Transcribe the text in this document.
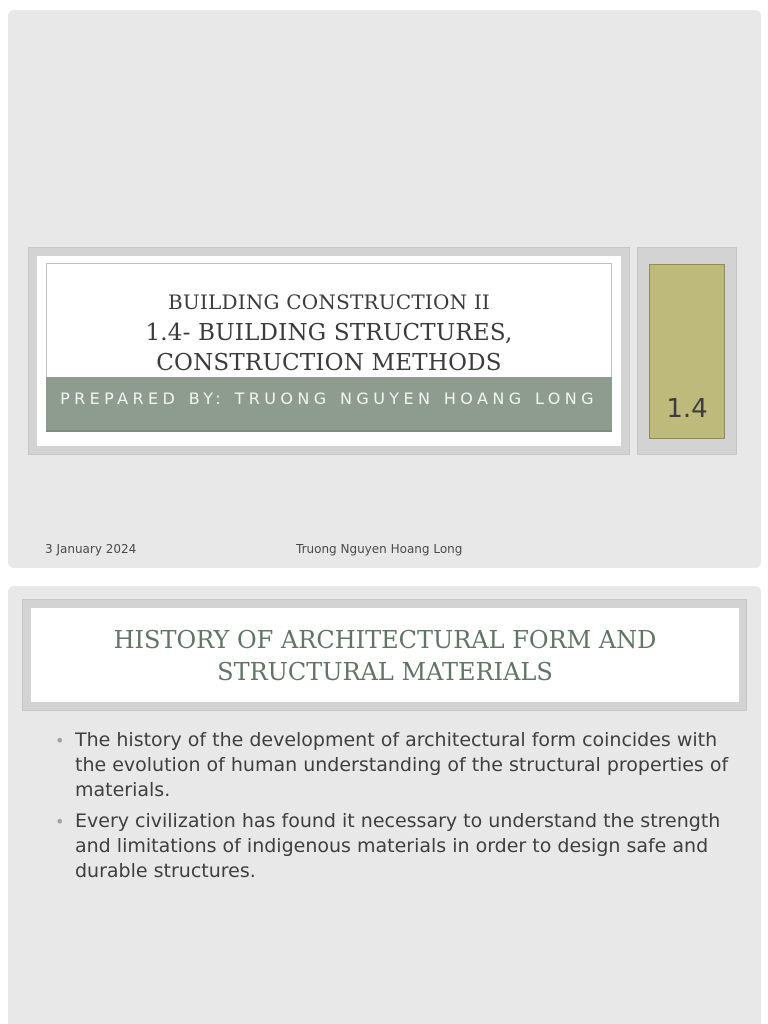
BUILDING CONSTRUCTION II
1.4- BUILDING STRUCTURES, CONSTRUCTION METHODS
PREPARED BY: TRUONG NGUYEN HOANG LONG	1.4
3 January 2024	Truong Nguyen Hoang Long
HISTORY OF ARCHITECTURAL FORM AND STRUCTURAL MATERIALS
• The history of the development of architectural form coincides with the evolution of human understanding of the structural properties of materials.
• Every civilization has found it necessary to understand the strength and limitations of indigenous materials in order to design safe and durable structures.
